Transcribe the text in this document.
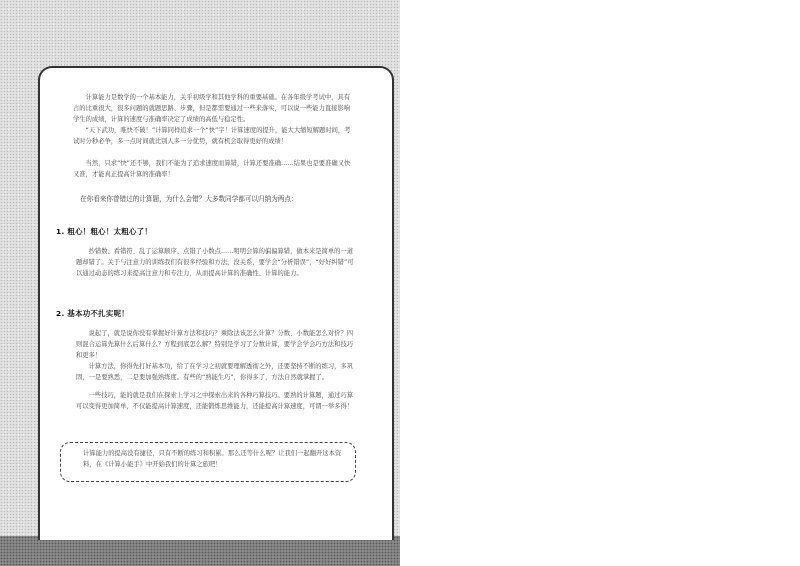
计算能力是数学的一个基本能力，关乎初级学和其他学科的重要基础。在各年级学考试中，具有占的比重很大，很多问题的就题思路、步骤，但是都需要通过一些来落实，可以说一些能力直接影响学生的成绩，计算的速度与准确率决定了成绩的高低与稳定性。

“天下武功，唯快不破！”计算同样追求一个“快”字！计算速度的提升，能大大缩短解题时间，考试时分秒必争，多一点时间就比别人多一分优势，就有机会取得更好的成绩！

当然，只求“快”还不够，我们不能为了追求速度而算错，计算还要准确……结果也是要准确又快又准，才能真正提高计算的准确率！

在你看来你曾错过的计算题，为什么会错？大多数同学都可以归纳为两点：
1. 粗心！粗心！太粗心了！

抄错数、看错符、乱了运算顺序、点错了小数点……明明会算的偏偏算错，做本来是简单的一道题却错了。关于与注意力的训练我们有很多经验和方法，没关系，要学会“分析错误”，“好好纠错”可以通过动态的练习来提高注意力和专注力，从而提高计算的准确性、计算的能力。

2. 基本功不扎实呢！

说起了，就是说你没有掌握好计算方法和技巧？乘除法该怎么计算？分数、小数能怎么对价？四则混合运算先算什么后算什么？方程到底怎么解？特别是学习了分数计算，要学会学会巧方法和技巧和更多！

计算方法，你得先打好基本功，给了在学习之初就要理解透彻之外，还要坚持不断的练习，多巩固，一是要熟悉，二是要加强熟练度。有些的“熟能生巧”，你得多了，方法自然就掌握了。

一些技巧，能的就是我们在探索上学习之中探索出来的各种巧算技巧。要熟的计算题，通过巧算可以变得更加简单，不仅能提高计算速度，还能锻炼思维能力，还能提高计算速度，可谓一举多得！

计算能力的提高没有捷径，只有不断的练习和积累。那么还等什么呢？让我们一起翻开这本资料，在《计算小能手》中开始我们的计算之旅吧！
